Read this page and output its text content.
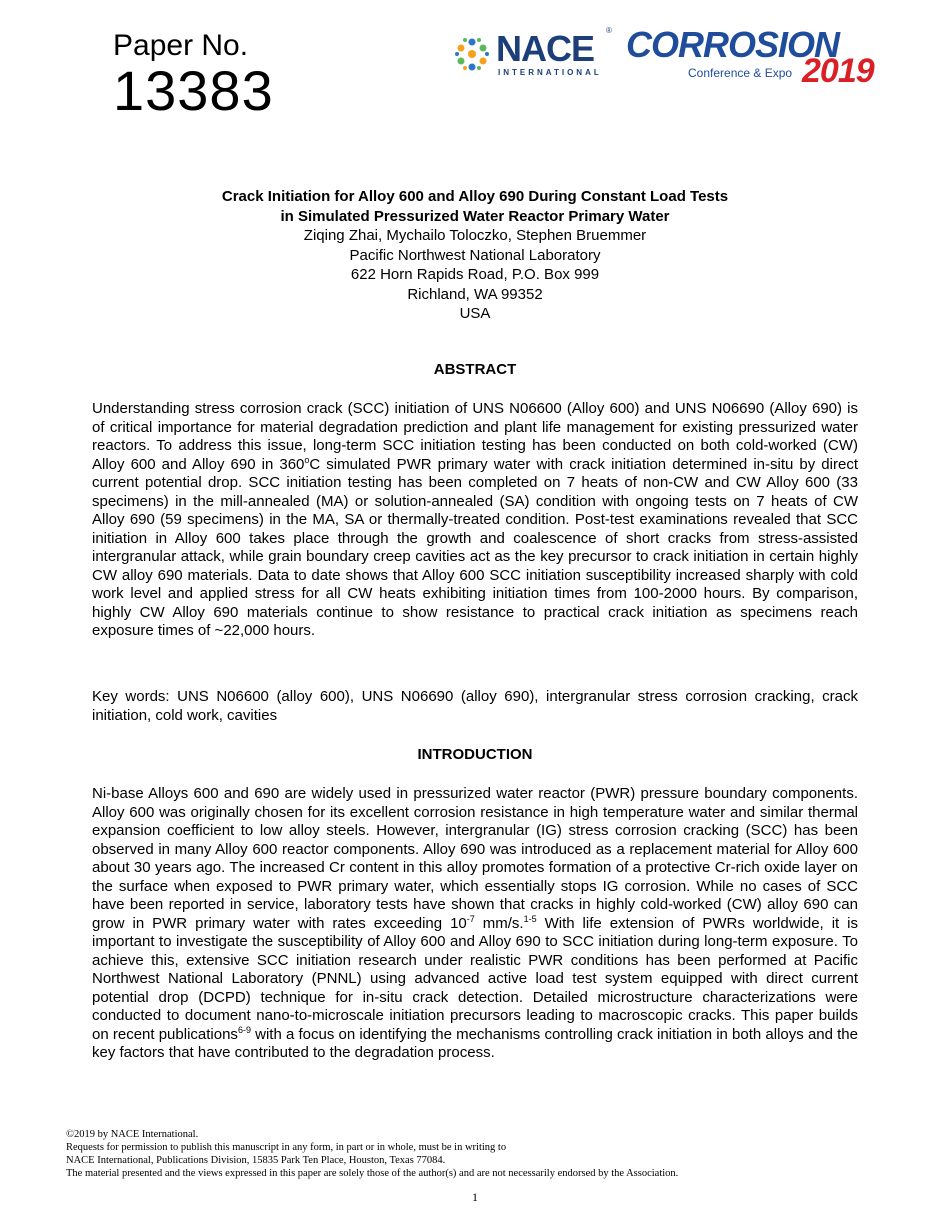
Paper No.
13383
NACE ®
INTERNATIONAL
CORROSION
Conference & Expo 2019
Crack Initiation for Alloy 600 and Alloy 690 During Constant Load Tests
in Simulated Pressurized Water Reactor Primary Water
Ziqing Zhai, Mychailo Toloczko, Stephen Bruemmer
Pacific Northwest National Laboratory
622 Horn Rapids Road, P.O. Box 999
Richland, WA 99352
USA
ABSTRACT

Understanding stress corrosion crack (SCC) initiation of UNS N06600 (Alloy 600) and UNS N06690 (Alloy 690) is of critical importance for material degradation prediction and plant life management for existing pressurized water reactors. To address this issue, long-term SCC initiation testing has been conducted on both cold-worked (CW) Alloy 600 and Alloy 690 in 360$^o$C simulated PWR primary water with crack initiation determined in-situ by direct current potential drop. SCC initiation testing has been completed on 7 heats of non-CW and CW Alloy 600 (33 specimens) in the mill-annealed (MA) or solution-annealed (SA) condition with ongoing tests on 7 heats of CW Alloy 690 (59 specimens) in the MA, SA or thermally-treated condition. Post-test examinations revealed that SCC initiation in Alloy 600 takes place through the growth and coalescence of short cracks from stress-assisted intergranular attack, while grain boundary creep cavities act as the key precursor to crack initiation in certain highly CW alloy 690 materials. Data to date shows that Alloy 600 SCC initiation susceptibility increased sharply with cold work level and applied stress for all CW heats exhibiting initiation times from 100-2000 hours. By comparison, highly CW Alloy 690 materials continue to show resistance to practical crack initiation as specimens reach exposure times of ~22,000 hours.

Key words: UNS N06600 (alloy 600), UNS N06690 (alloy 690), intergranular stress corrosion cracking, crack initiation, cold work, cavities

INTRODUCTION

Ni-base Alloys 600 and 690 are widely used in pressurized water reactor (PWR) pressure boundary components. Alloy 600 was originally chosen for its excellent corrosion resistance in high temperature water and similar thermal expansion coefficient to low alloy steels. However, intergranular (IG) stress corrosion cracking (SCC) has been observed in many Alloy 600 reactor components. Alloy 690 was introduced as a replacement material for Alloy 600 about 30 years ago. The increased Cr content in this alloy promotes formation of a protective Cr-rich oxide layer on the surface when exposed to PWR primary water, which essentially stops IG corrosion. While no cases of SCC have been reported in service, laboratory tests have shown that cracks in highly cold-worked (CW) alloy 690 can grow in PWR primary water with rates exceeding $10^{-7}$ mm/s.$^{1-5}$ With life extension of PWRs worldwide, it is important to investigate the susceptibility of Alloy 600 and Alloy 690 to SCC initiation during long-term exposure. To achieve this, extensive SCC initiation research under realistic PWR conditions has been performed at Pacific Northwest National Laboratory (PNNL) using advanced active load test system equipped with direct current potential drop (DCPD) technique for in-situ crack detection. Detailed microstructure characterizations were conducted to document nano-to-microscale initiation precursors leading to macroscopic cracks. This paper builds on recent publications$^{6-9}$ with a focus on identifying the mechanisms controlling crack initiation in both alloys and the key factors that have contributed to the degradation process.

©2019 by NACE International.
Requests for permission to publish this manuscript in any form, in part or in whole, must be in writing to
NACE International, Publications Division, 15835 Park Ten Place, Houston, Texas 77084.
The material presented and the views expressed in this paper are solely those of the author(s) and are not necessarily endorsed by the Association.
1
